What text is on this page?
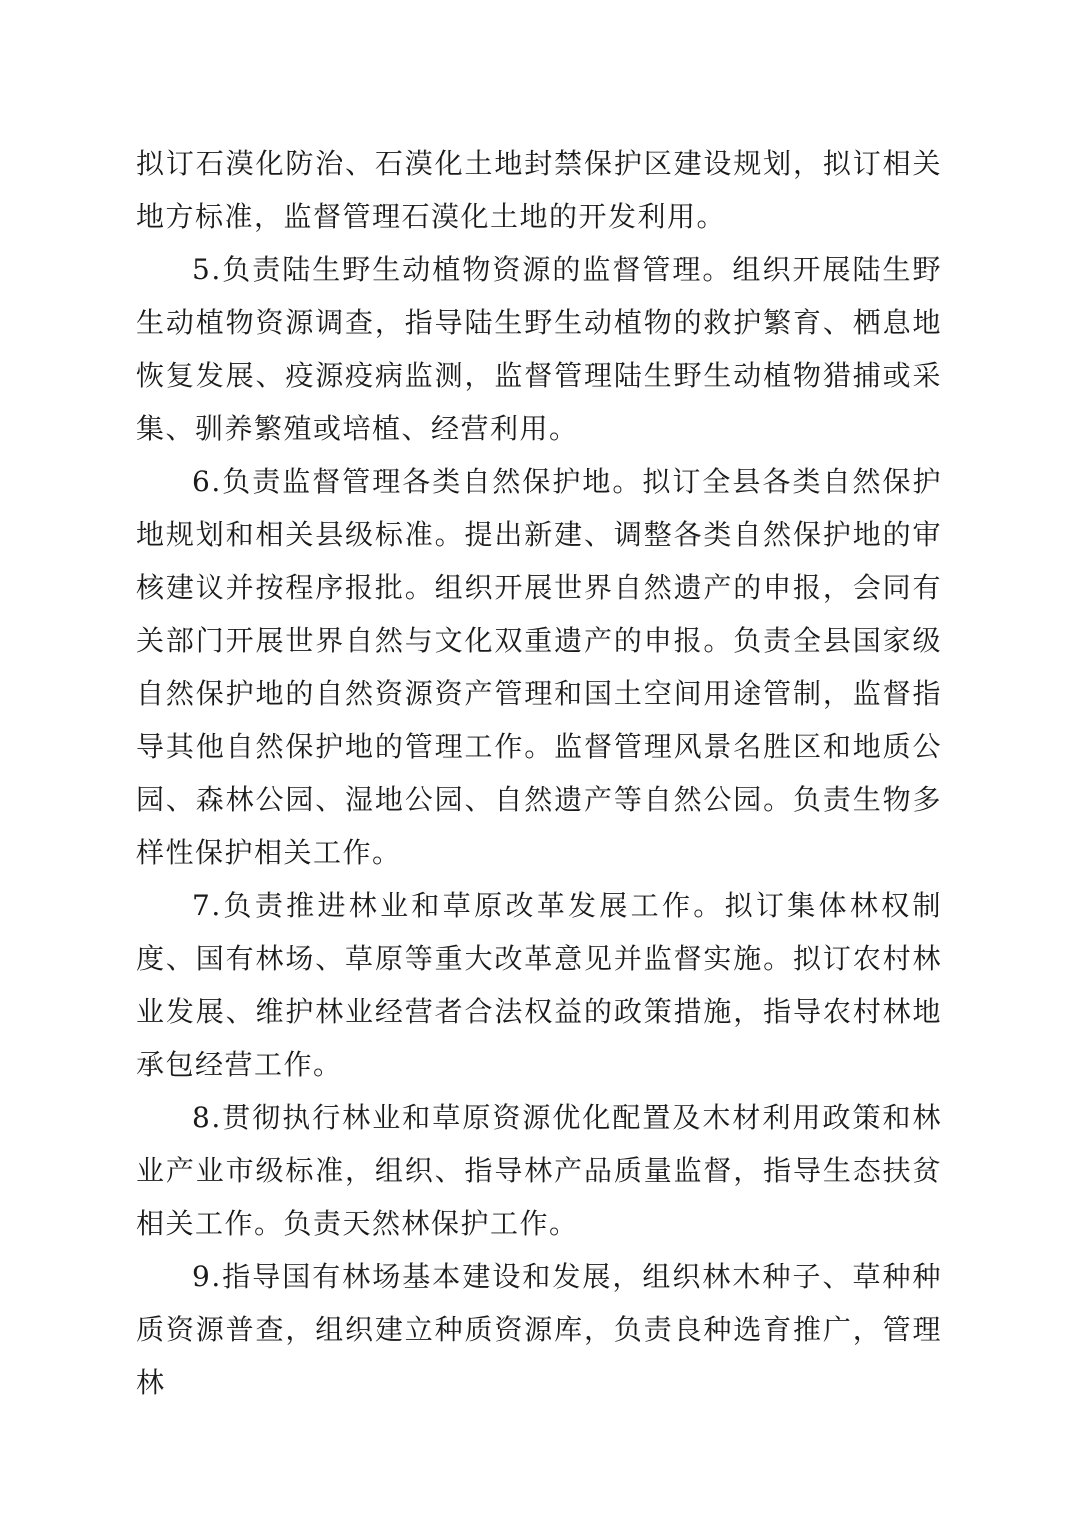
拟订石漠化防治、石漠化土地封禁保护区建设规划，拟订相关地方标准，监督管理石漠化土地的开发利用。

5.负责陆生野生动植物资源的监督管理。组织开展陆生野生动植物资源调查，指导陆生野生动植物的救护繁育、栖息地恢复发展、疫源疫病监测，监督管理陆生野生动植物猎捕或采集、驯养繁殖或培植、经营利用。

6.负责监督管理各类自然保护地。拟订全县各类自然保护地规划和相关县级标准。提出新建、调整各类自然保护地的审核建议并按程序报批。组织开展世界自然遗产的申报，会同有关部门开展世界自然与文化双重遗产的申报。负责全县国家级自然保护地的自然资源资产管理和国土空间用途管制，监督指导其他自然保护地的管理工作。监督管理风景名胜区和地质公园、森林公园、湿地公园、自然遗产等自然公园。负责生物多样性保护相关工作。

7.负责推进林业和草原改革发展工作。拟订集体林权制度、国有林场、草原等重大改革意见并监督实施。拟订农村林业发展、维护林业经营者合法权益的政策措施，指导农村林地承包经营工作。

8.贯彻执行林业和草原资源优化配置及木材利用政策和林业产业市级标准，组织、指导林产品质量监督，指导生态扶贫相关工作。负责天然林保护工作。

9.指导国有林场基本建设和发展，组织林木种子、草种种质资源普查，组织建立种质资源库，负责良种选育推广，管理林
